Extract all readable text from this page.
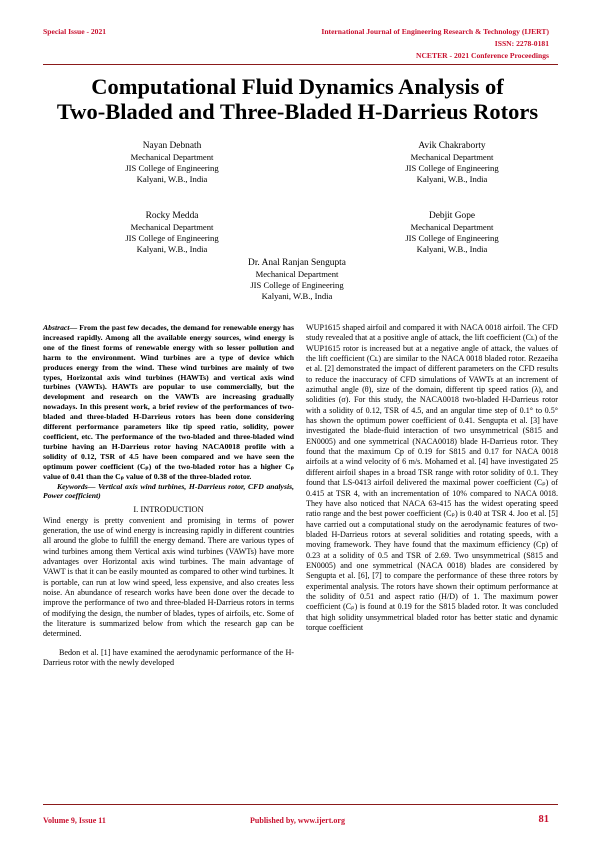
Special Issue - 2021	International Journal of Engineering Research & Technology (IJERT)
ISSN: 2278-0181
NCETER - 2021 Conference Proceedings
Computational Fluid Dynamics Analysis of
Two-Bladed and Three-Bladed H-Darrieus Rotors
Nayan Debnath
Mechanical Department
JIS College of Engineering
Kalyani, W.B., India
Avik Chakraborty
Mechanical Department
JIS College of Engineering
Kalyani, W.B., India
Rocky Medda
Mechanical Department
JIS College of Engineering
Kalyani, W.B., India
Debjit Gope
Mechanical Department
JIS College of Engineering
Kalyani, W.B., India
Dr. Anal Ranjan Sengupta
Mechanical Department
JIS College of Engineering
Kalyani, W.B., India

Abstract— From the past few decades, the demand for renewable energy has increased rapidly. Among all the available energy sources, wind energy is one of the finest forms of renewable energy with so lesser pollution and harm to the environment. Wind turbines are a type of device which produces energy from the wind. These wind turbines are mainly of two types, Horizontal axis wind turbines (HAWTs) and vertical axis wind turbines (VAWTs). HAWTs are popular to use commercially, but the development and research on the VAWTs are increasing gradually nowadays. In this present work, a brief review of the performances of two-bladed and three-bladed H-Darrieus rotors has been done considering different performance parameters like tip speed ratio, solidity, power coefficient, etc. The performance of the two-bladed and three-bladed wind turbine having an H-Darrieus rotor having NACA0018 profile with a solidity of 0.12, TSR of 4.5 have been compared and we have seen the optimum power coefficient (Cₚ) of the two-bladed rotor has a higher Cₚ value of 0.41 than the Cₚ value of 0.38 of the three-bladed rotor.

Keywords— Vertical axis wind turbines, H-Darrieus rotor, CFD analysis, Power coefficient)

I. INTRODUCTION

Wind energy is pretty convenient and promising in terms of power generation, the use of wind energy is increasing rapidly in different countries all around the globe to fulfill the energy demand. There are various types of wind turbines among them Vertical axis wind turbines (VAWTs) have more advantages over Horizontal axis wind turbines. The main advantage of VAWT is that it can be easily mounted as compared to other wind turbines. It is portable, can run at low wind speed, less expensive, and also creates less noise. An abundance of research works have been done over the decade to improve the performance of two and three-bladed H-Darrieus rotors in terms of modifying the design, the number of blades, types of airfoils, etc. Some of the literature is summarized below from which the research gap can be determined.

Bedon et al. [1] have examined the aerodynamic performance of the H-Darrieus rotor with the newly developed

WUP1615 shaped airfoil and compared it with NACA 0018 airfoil. The CFD study revealed that at a positive angle of attack, the lift coefficient (Cʟ) of the WUP1615 rotor is increased but at a negative angle of attack, the values of the lift coefficient (Cʟ) are similar to the NACA 0018 bladed rotor. Rezaeiha et al. [2] demonstrated the impact of different parameters on the CFD results to reduce the inaccuracy of CFD simulations of VAWTs at an increment of azimuthal angle (θ), size of the domain, different tip speed ratios (λ), and solidities (σ). For this study, the NACA0018 two-bladed H-Darrieus rotor with a solidity of 0.12, TSR of 4.5, and an angular time step of 0.1° to 0.5° has shown the optimum power coefficient of 0.41. Sengupta et al. [3] have investigated the blade-fluid interaction of two unsymmetrical (S815 and EN0005) and one symmetrical (NACA0018) blade H-Darrieus rotor. They found that the maximum Cp of 0.19 for S815 and 0.17 for NACA 0018 airfoils at a wind velocity of 6 m/s. Mohamed et al. [4] have investigated 25 different airfoil shapes in a broad TSR range with rotor solidity of 0.1. They found that LS-0413 airfoil delivered the maximal power coefficient (Cₚ) of 0.415 at TSR 4, with an incrementation of 10% compared to NACA 0018. They have also noticed that NACA 63-415 has the widest operating speed ratio range and the best power coefficient (Cₚ) is 0.40 at TSR 4. Joo et al. [5] have carried out a computational study on the aerodynamic features of two-bladed H-Darrieus rotors at several solidities and rotating speeds, with a moving framework. They have found that the maximum efficiency (Cp) of 0.23 at a solidity of 0.5 and TSR of 2.69. Two unsymmetrical (S815 and EN0005) and one symmetrical (NACA 0018) blades are considered by Sengupta et al. [6], [7] to compare the performance of these three rotors by experimental analysis. The rotors have shown their optimum performance at the solidity of 0.51 and aspect ratio (H/D) of 1. The maximum power coefficient (Cₚ) is found at 0.19 for the S815 bladed rotor. It was concluded that high solidity unsymmetrical bladed rotor has better static and dynamic torque coefficient

Volume 9, Issue 11	Published by, www.ijert.org	81
